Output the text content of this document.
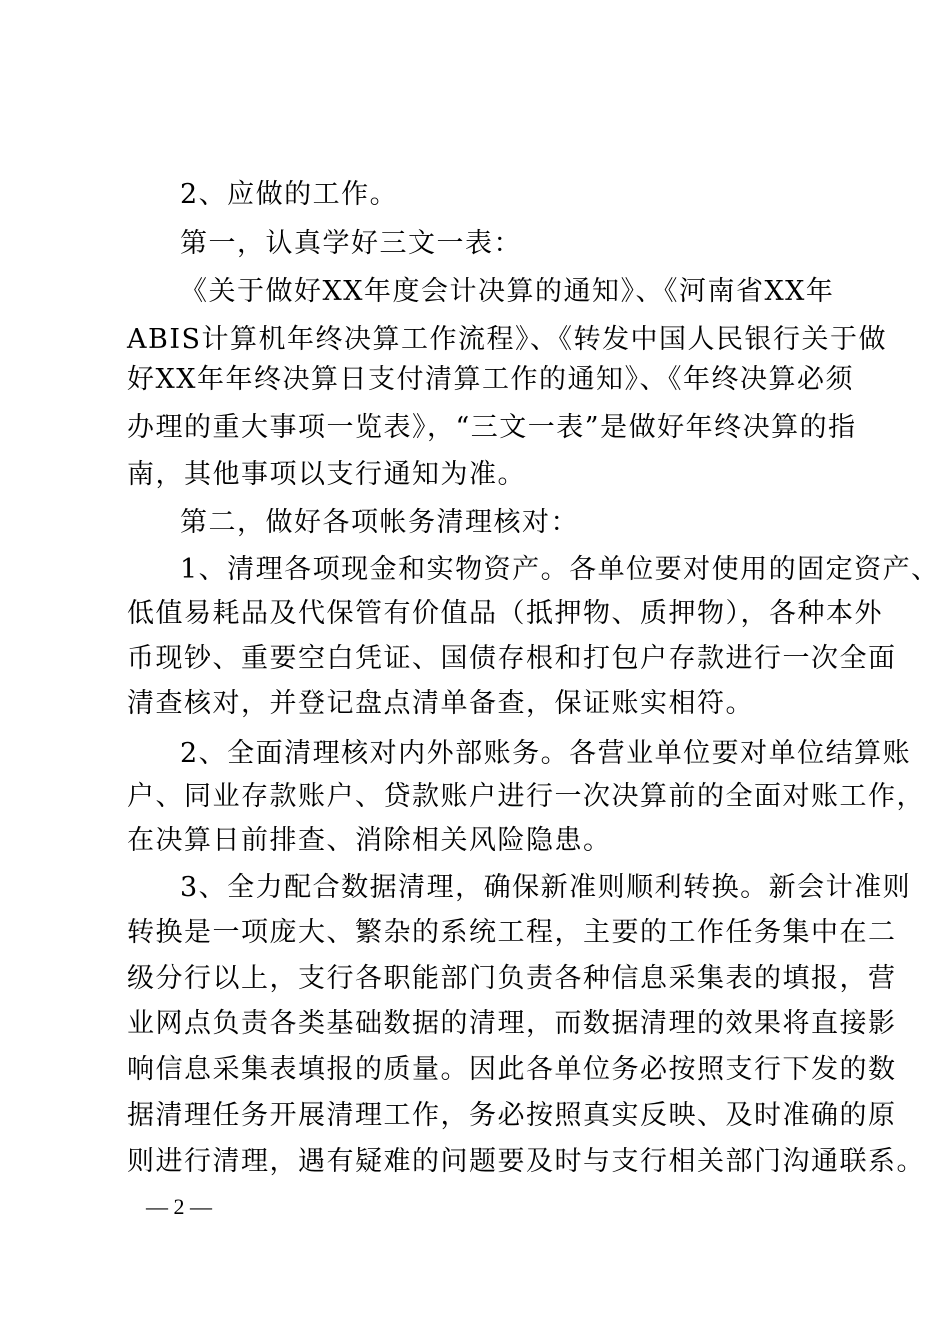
2、应做的工作。
第一，认真学好三文一表：
《关于做好XX年度会计决算的通知》、《河南省XX年
ABIS计算机年终决算工作流程》、《转发中国人民银行关于做
好XX年年终决算日支付清算工作的通知》、《年终决算必须
办理的重大事项一览表》，“三文一表”是做好年终决算的指
南，其他事项以支行通知为准。
第二，做好各项帐务清理核对：
1、清理各项现金和实物资产。各单位要对使用的固定资产、
低值易耗品及代保管有价值品（抵押物、质押物），各种本外
币现钞、重要空白凭证、国债存根和打包户存款进行一次全面
清查核对，并登记盘点清单备查，保证账实相符。
2、全面清理核对内外部账务。各营业单位要对单位结算账
户、同业存款账户、贷款账户进行一次决算前的全面对账工作，
在决算日前排查、消除相关风险隐患。
3、全力配合数据清理，确保新准则顺利转换。新会计准则
转换是一项庞大、繁杂的系统工程，主要的工作任务集中在二
级分行以上，支行各职能部门负责各种信息采集表的填报，营
业网点负责各类基础数据的清理，而数据清理的效果将直接影
响信息采集表填报的质量。因此各单位务必按照支行下发的数
据清理任务开展清理工作，务必按照真实反映、及时准确的原
则进行清理，遇有疑难的问题要及时与支行相关部门沟通联系。
— 2 —
